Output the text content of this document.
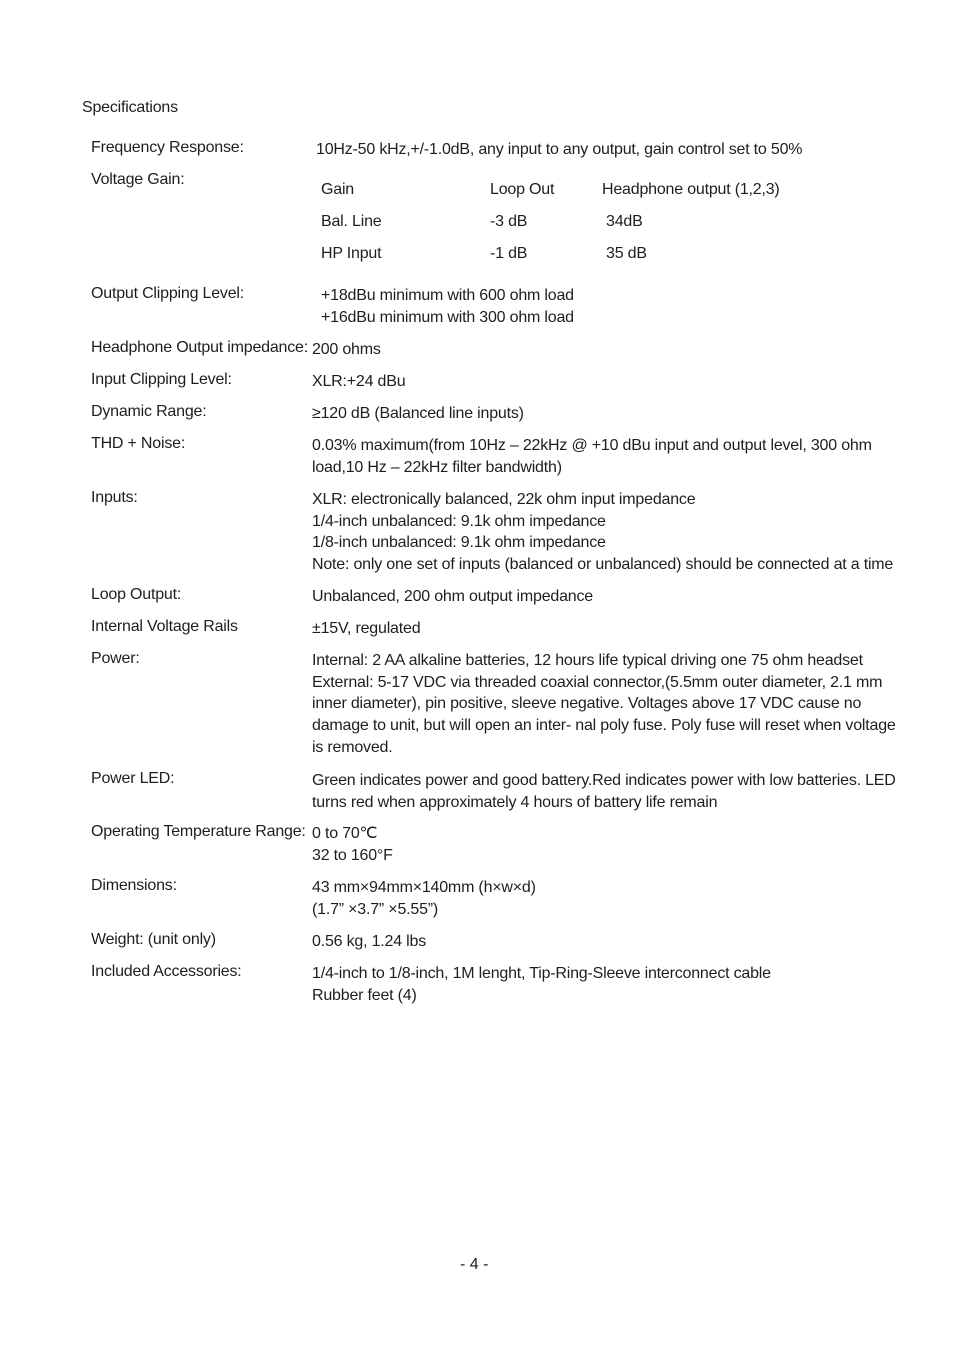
Specifications
Frequency Response:	10Hz-50 kHz,+/-1.0dB, any input to any output, gain control set to 50%
Voltage Gain:
Gain	Loop Out	Headphone output (1,2,3)
Bal. Line	-3 dB	34dB
HP Input	-1 dB	35 dB
Output Clipping Level:	+18dBu minimum with 600 ohm load
+16dBu minimum with 300 ohm load
Headphone Output impedance: 200 ohms
Input Clipping Level:	XLR:+24 dBu
Dynamic Range:	≥120 dB (Balanced line inputs)
THD + Noise:	0.03% maximum(from 10Hz – 22kHz @ +10 dBu input and output level, 300 ohm
load,10 Hz – 22kHz filter bandwidth)
Inputs:	XLR: electronically balanced, 22k ohm input impedance
1/4-inch unbalanced: 9.1k ohm impedance
1/8-inch unbalanced: 9.1k ohm impedance
Note: only one set of inputs (balanced or unbalanced) should be connected at a time
Loop Output:	Unbalanced, 200 ohm output impedance
Internal Voltage Rails	±15V, regulated
Power:	Internal: 2 AA alkaline batteries, 12 hours life typical driving one 75 ohm headset
External: 5-17 VDC via threaded coaxial connector,(5.5mm outer diameter, 2.1 mm
inner diameter), pin positive, sleeve negative. Voltages above 17 VDC cause no
damage to unit, but will open an inter- nal poly fuse. Poly fuse will reset when voltage
is removed.
Power LED:	Green indicates power and good battery.Red indicates power with low batteries. LED
turns red when approximately 4 hours of battery life remain
Operating Temperature Range: 0 to 70℃
32 to 160°F
Dimensions:	43 mm×94mm×140mm (h×w×d)
(1.7” ×3.7” ×5.55”)
Weight: (unit only)	0.56 kg, 1.24 lbs
Included Accessories:	1/4-inch to 1/8-inch, 1M lenght, Tip-Ring-Sleeve interconnect cable
Rubber feet (4)
- 4 -
